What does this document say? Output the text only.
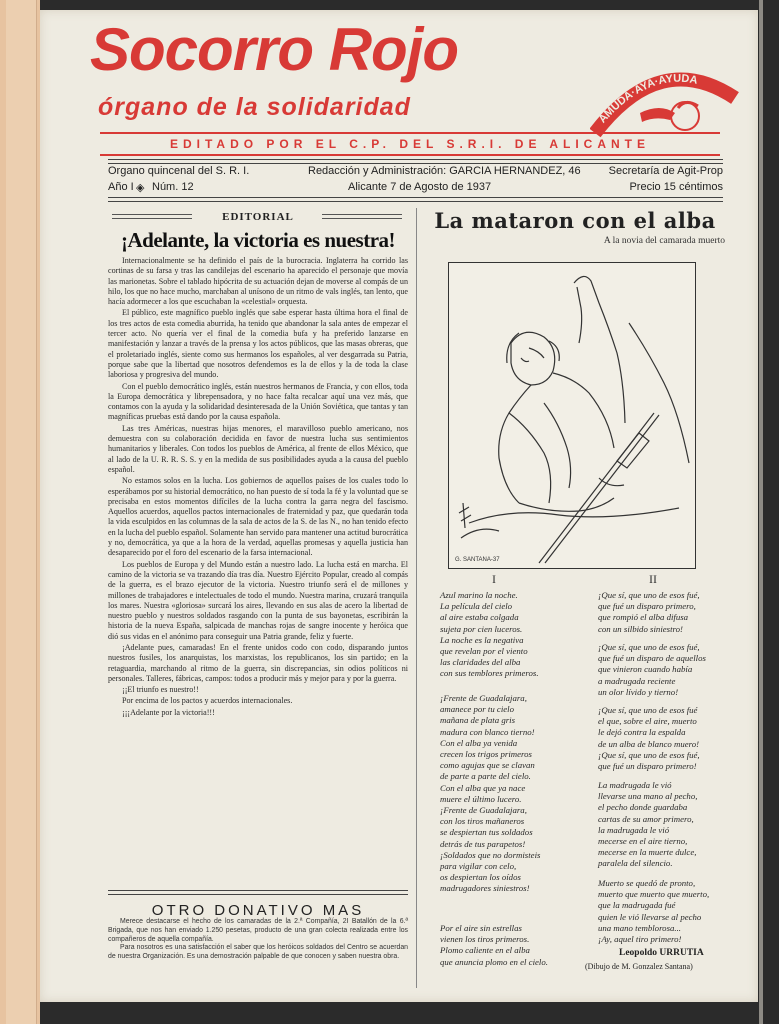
Socorro Rojo
órgano de la solidaridad
EDITADO POR EL C.P. DEL S.R.I. DE ALICANTE
AMUDA·AYA·AYUDA
Organo quincenal del S. R. I.	Redacción y Administración: GARCIA HERNANDEZ, 46	Secretaría de Agit-Prop
Año I ◈ Núm. 12	Alicante 7 de Agosto de 1937	Precio 15 céntimos
EDITORIAL
¡Adelante, la victoria es nuestra!

Internacionalmente se ha definido el país de la burocracia. Inglaterra ha corrido las cortinas de su farsa y tras las candilejas del escenario ha aparecido el personaje que movía las marionetas. Sobre el tablado hipócrita de su actuación dejan de moverse al compás de un hilo, los que no hace mucho, marchaban al unísono de un ritmo de vals inglés, tan lento, que hacía adormecer a los que escuchaban la «celestial» orquesta.

El público, este magnífico pueblo inglés que sabe esperar hasta última hora el final de los tres actos de esta comedia aburrida, ha tenido que abandonar la sala antes de empezar el tercer acto. No quería ver el final de la comedia bufa y ha preferido lanzarse en manifestación y lanzar a través de la prensa y los actos públicos, que las masas obreras, que el proletariado inglés, siente como sus hermanos los españoles, al ver desgarrada su Patria, porque sabe que la libertad que nosotros defendemos es la de ellos y la de toda la clase laboriosa y progresiva del mundo.

Con el pueblo democrático inglés, están nuestros hermanos de Francia, y con ellos, toda la Europa democrática y librepensadora, y no hace falta recalcar aquí una vez más, que contamos con la ayuda y la solidaridad desinteresada de la Unión Soviética, que tantas y tan magníficas pruebas está dando por la causa española.

Las tres Américas, nuestras hijas menores, el maravilloso pueblo americano, nos demuestra con su colaboración decidida en favor de nuestra lucha sus sentimientos humanitarios y liberales. Con todos los pueblos de América, al frente de ellos México, que al lado de la U. R. R. S. S. y en la medida de sus posibilidades ayuda a la causa del pueblo español.

No estamos solos en la lucha. Los gobiernos de aquellos países de los cuales todo lo esperábamos por su historial democrático, no han puesto de sí toda la fé y la voluntad que se precisaba en estos momentos difíciles de la lucha contra la garra negra del fascismo. Aquellos acuerdos, aquellos pactos internacionales de fraternidad y paz, que quedarán toda la vida esculpidos en las columnas de la sala de actos de la S. de las N., no han tenido efecto en la lucha del pueblo español. Solamente han servido para mantener una actitud burocrática y no, democrática, ya que a la hora de la verdad, aquellas promesas y aquella justicia han desaparecido por el foro del escenario de la farsa internacional.

Los pueblos de Europa y del Mundo están a nuestro lado. La lucha está en marcha. El camino de la victoria se va trazando día tras día. Nuestro Ejército Popular, creado al compás de la guerra, es el brazo ejecutor de la victoria. Nuestro triunfo será el de millones y millones de trabajadores e intelectuales de todo el mundo. Nuestra marina, cruzará tranquila los mares. Nuestra «gloriosa» surcará los aires, llevando en sus alas de acero la libertad de nuestro pueblo y nuestros soldados rasgando con la punta de sus bayonetas, escribirán la historia de la nueva España, salpicada de manchas rojas de sangre inocente y heróica que dió sus vidas en el anónimo para conseguir una Patria grande, feliz y fuerte.

¡Adelante pues, camaradas! En el frente unidos codo con codo, disparando juntos nuestros fusiles, los anarquistas, los marxistas, los republicanos, los sin partido; en la retaguardia, marchando al ritmo de la guerra, sin discrepancias, sin odios políticos ni personales. Talleres, fábricas, campos: todos a producir más y mejor para y por la guerra.

¡¡El triunfo es nuestro!!

Por encima de los pactos y acuerdos internacionales.

¡¡¡Adelante por la victoria!!!

OTRO DONATIVO MAS

Merece destacarse el hecho de los camaradas de la 2.ª Compañía, 2I Batallón de la 6.ª Brigada, que nos han enviado 1.250 pesetas, producto de una gran colecta realizada entre los compañeros de aquella compañía.

Para nosotros es una satisfacción el saber que los heróicos soldados del Centro se acuerdan de nuestra Organización. Es una demostración palpable de que conocen y saben nuestra obra.

La mataron con el alba
A la novia del camarada muerto
G. SANTANA-37
I	II
Azul marino la noche.
La película del cielo
al aire estaba colgada
sujeta por cien luceros.
La noche es la negativa
que revelan por el viento
las claridades del alba
con sus temblores primeros.
¡Frente de Guadalajara,
amanece por tu cielo
mañana de plata gris
madura con blanco tierno!
Con el alba ya venida
crecen los trigos primeros
como agujas que se clavan
de parte a parte del cielo.
Con el alba que ya nace
muere el último lucero.
¡Frente de Guadalajara,
con los tiros mañaneros
se despiertan tus soldados
detrás de tus parapetos!
¡Soldados que no dormisteis
para vigilar con celo,
os despiertan los oídos
madrugadores siniestros!
Por el aire sin estrellas
vienen los tiros primeros.
Plomo caliente en el alba
que anuncia plomo en el cielo.
¡Que sí, que uno de esos fué,
que fué un disparo primero,
que rompió el alba difusa
con un silbido siniestro!
¡Que sí, que uno de esos fué,
que fué un disparo de aquellos
que vinieron cuando había
a madrugada reciente
un olor lívido y tierno!
¡Que sí, que uno de esos fué
el que, sobre el aire, muerto
le dejó contra la espalda
de un alba de blanco muero!
¡Que sí, que uno de esos fué,
que fué un disparo primero!
La madrugada le vió
llevarse una mano al pecho,
el pecho donde guardaba
cartas de su amor primero,
la madrugada le vió
mecerse en el aire tierno,
mecerse en la muerte dulce,
paralela del silencio.
Muerto se quedó de pronto,
muerto que muerto que muerto,
que la madrugada fué
quien le vió llevarse al pecho
una mano temblorosa...
¡Ay, aquel tiro primero!
Leopoldo URRUTIA
(Dibujo de M. Gonzalez Santana)
